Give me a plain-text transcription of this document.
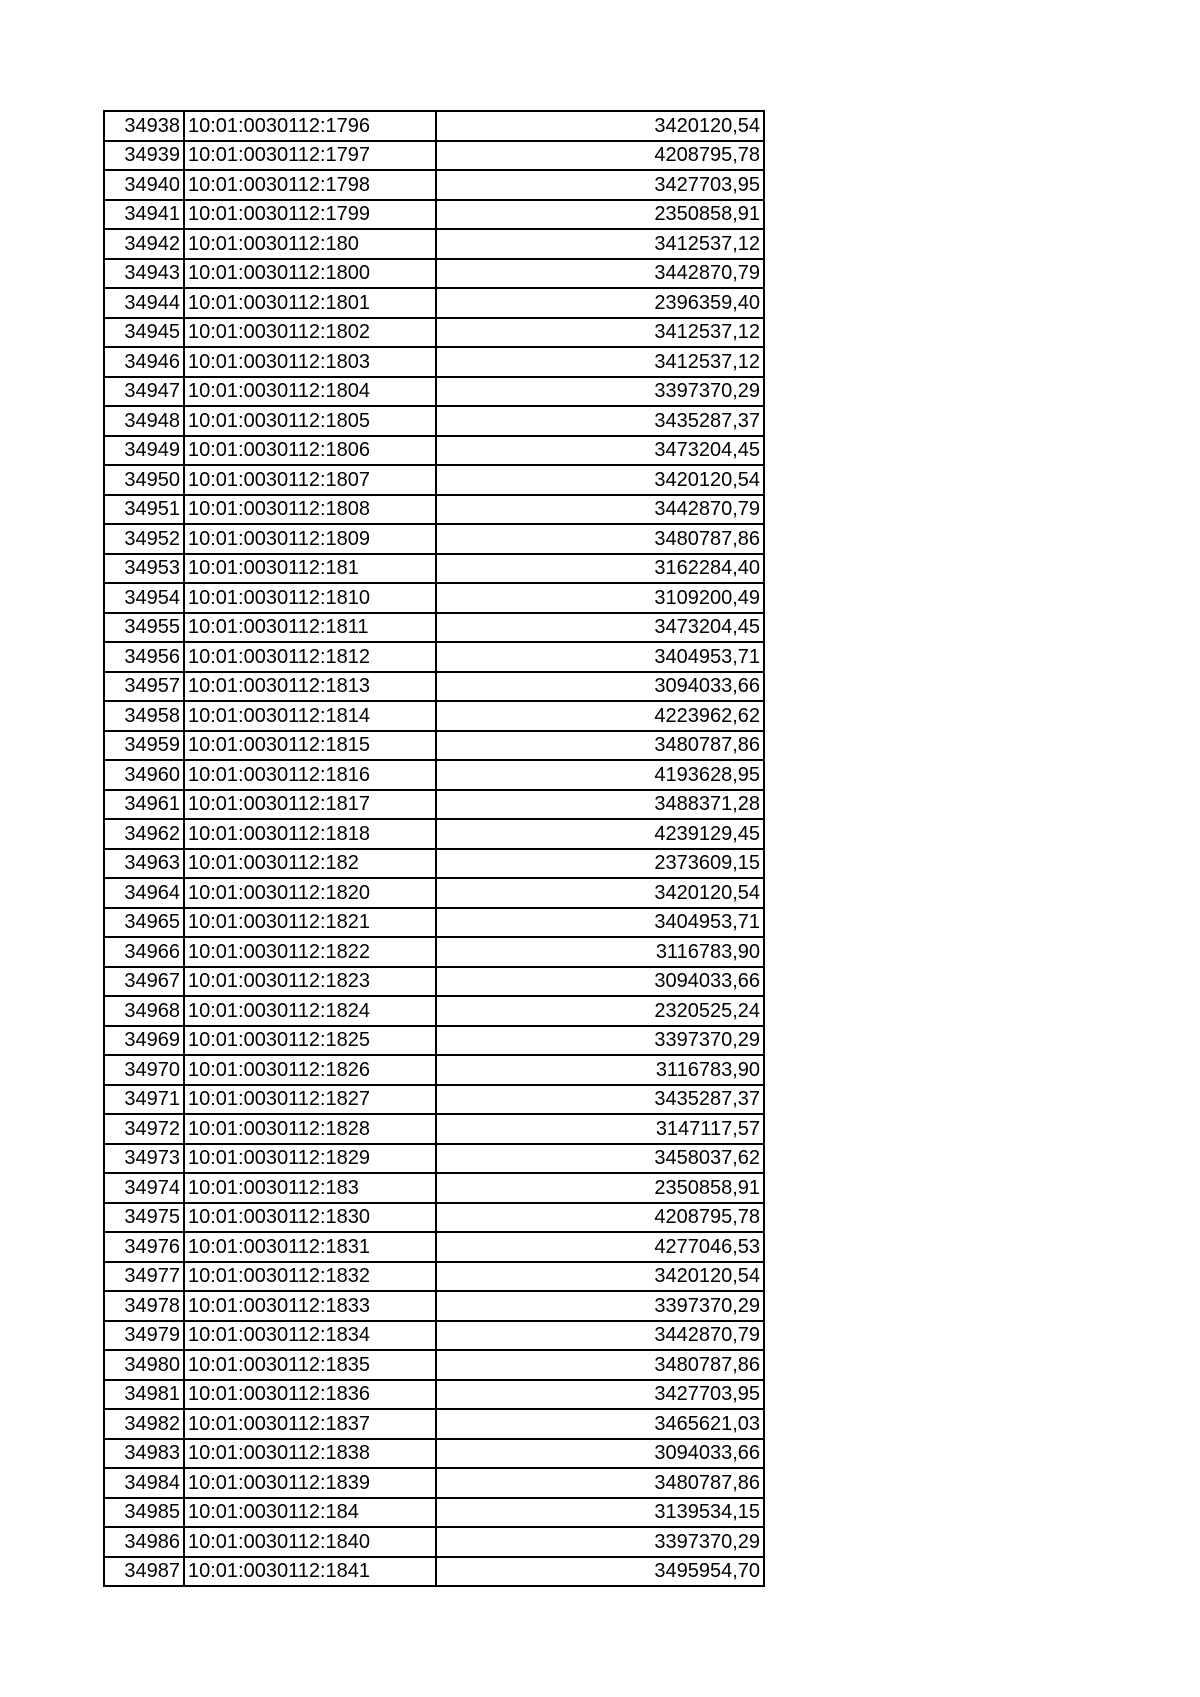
34938	10:01:0030112:1796	3420120,54
34939	10:01:0030112:1797	4208795,78
34940	10:01:0030112:1798	3427703,95
34941	10:01:0030112:1799	2350858,91
34942	10:01:0030112:180	3412537,12
34943	10:01:0030112:1800	3442870,79
34944	10:01:0030112:1801	2396359,40
34945	10:01:0030112:1802	3412537,12
34946	10:01:0030112:1803	3412537,12
34947	10:01:0030112:1804	3397370,29
34948	10:01:0030112:1805	3435287,37
34949	10:01:0030112:1806	3473204,45
34950	10:01:0030112:1807	3420120,54
34951	10:01:0030112:1808	3442870,79
34952	10:01:0030112:1809	3480787,86
34953	10:01:0030112:181	3162284,40
34954	10:01:0030112:1810	3109200,49
34955	10:01:0030112:1811	3473204,45
34956	10:01:0030112:1812	3404953,71
34957	10:01:0030112:1813	3094033,66
34958	10:01:0030112:1814	4223962,62
34959	10:01:0030112:1815	3480787,86
34960	10:01:0030112:1816	4193628,95
34961	10:01:0030112:1817	3488371,28
34962	10:01:0030112:1818	4239129,45
34963	10:01:0030112:182	2373609,15
34964	10:01:0030112:1820	3420120,54
34965	10:01:0030112:1821	3404953,71
34966	10:01:0030112:1822	3116783,90
34967	10:01:0030112:1823	3094033,66
34968	10:01:0030112:1824	2320525,24
34969	10:01:0030112:1825	3397370,29
34970	10:01:0030112:1826	3116783,90
34971	10:01:0030112:1827	3435287,37
34972	10:01:0030112:1828	3147117,57
34973	10:01:0030112:1829	3458037,62
34974	10:01:0030112:183	2350858,91
34975	10:01:0030112:1830	4208795,78
34976	10:01:0030112:1831	4277046,53
34977	10:01:0030112:1832	3420120,54
34978	10:01:0030112:1833	3397370,29
34979	10:01:0030112:1834	3442870,79
34980	10:01:0030112:1835	3480787,86
34981	10:01:0030112:1836	3427703,95
34982	10:01:0030112:1837	3465621,03
34983	10:01:0030112:1838	3094033,66
34984	10:01:0030112:1839	3480787,86
34985	10:01:0030112:184	3139534,15
34986	10:01:0030112:1840	3397370,29
34987	10:01:0030112:1841	3495954,70
